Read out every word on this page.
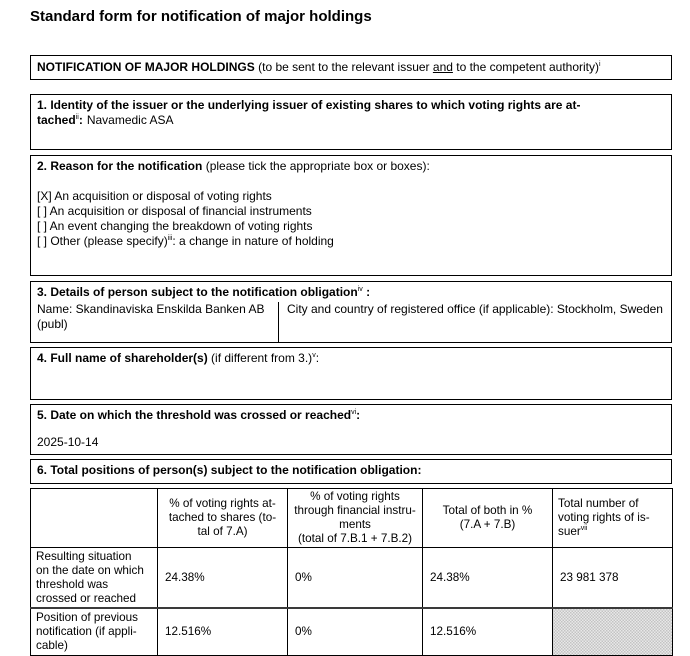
Standard form for notification of major holdings
NOTIFICATION OF MAJOR HOLDINGS (to be sent to the relevant issuer and to the competent authority)$^i$
1. Identity of the issuer or the underlying issuer of existing shares to which voting rights are attached$^{ii}$: Navamedic ASA
2. Reason for the notification (please tick the appropriate box or boxes):
[X] An acquisition or disposal of voting rights
[ ] An acquisition or disposal of financial instruments
[ ] An event changing the breakdown of voting rights
[ ] Other (please specify)$^{iii}$: a change in nature of holding
3. Details of person subject to the notification obligation$^{iv}$ :
Name: Skandinaviska Enskilda Banken AB (publ)
City and country of registered office (if applicable): Stockholm, Sweden
4. Full name of shareholder(s) (if different from 3.)$^v$:
5. Date on which the threshold was crossed or reached$^{vi}$:
2025-10-14
6. Total positions of person(s) subject to the notification obligation:
	% of voting rights at-
tached to shares (to-
tal of 7.A)	% of voting rights
through financial instru-
ments
(total of 7.B.1 + 7.B.2)	Total of both in %
(7.A + 7.B)	Total number of
voting rights of is-
suer$^{vii}$
Resulting situation
on the date on which
threshold was
crossed or reached	24.38%	0%	24.38%	23 981 378
Position of previous
notification (if appli-
cable)	12.516%	0%	12.516%	
